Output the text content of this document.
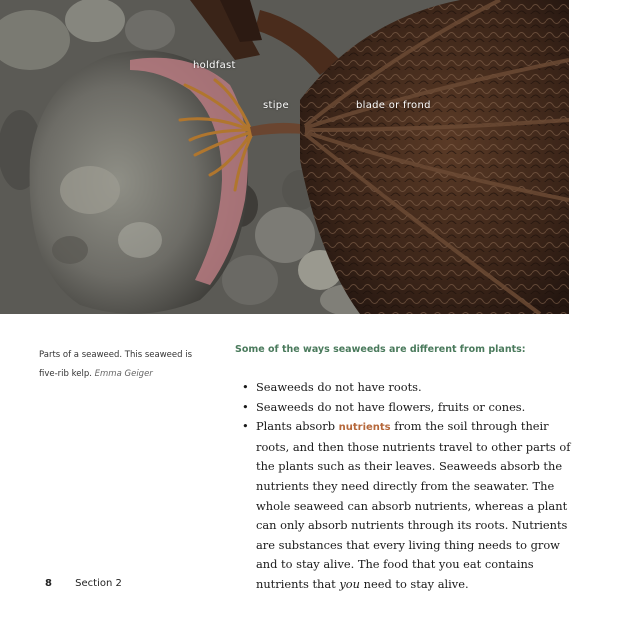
holdfast
stipe	blade or frond
Parts of a seaweed. This seaweed is five-rib kelp. Emma Geiger
Some of the ways seaweeds are different from plants:
• Seaweeds do not have roots.
• Seaweeds do not have flowers, fruits or cones.
• Plants absorb nutrients from the soil through their roots, and then those nutrients travel to other parts of the plants such as their leaves. Seaweeds absorb the nutrients they need directly from the seawater. The whole seaweed can absorb nutrients, whereas a plant can only absorb nutrients through its roots. Nutrients are substances that every living thing needs to grow and to stay alive. The food that you eat contains nutrients that you need to stay alive.
8 Section 2
